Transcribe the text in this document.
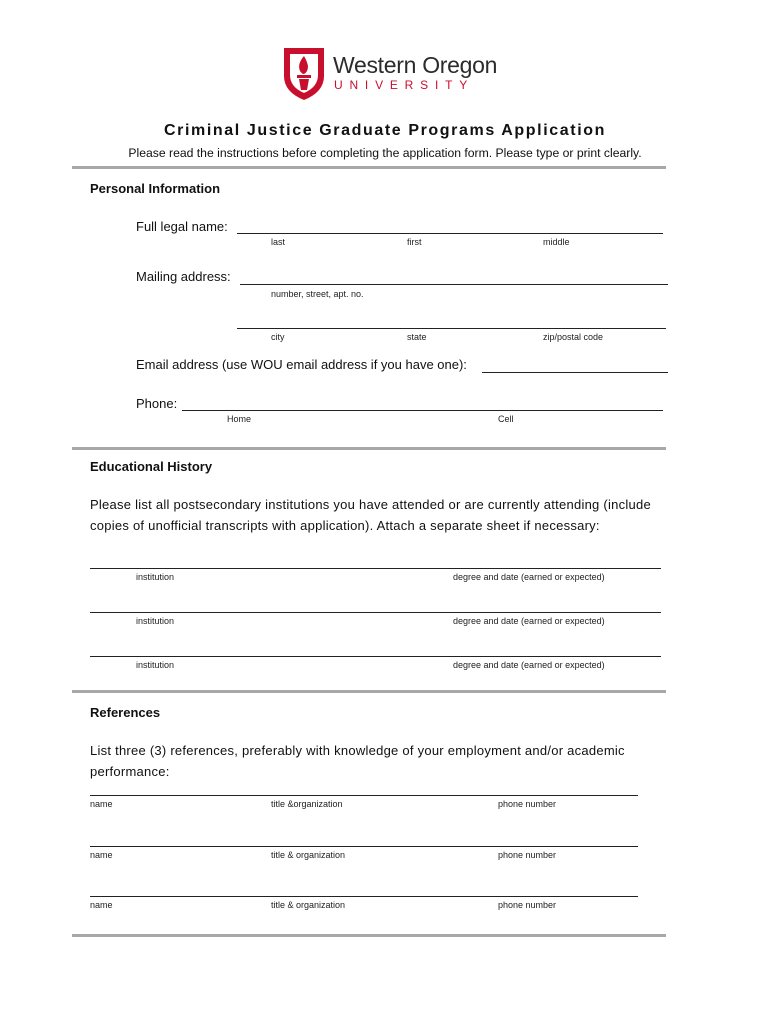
Western Oregon
UNIVERSITY
Criminal Justice Graduate Programs Application
Please read the instructions before completing the application form. Please type or print clearly.
Personal Information
Full legal name:
last	first	middle
Mailing address:
number, street, apt. no.
city	state	zip/postal code
Email address (use WOU email address if you have one):
Phone:
Home	Cell
Educational History
Please list all postsecondary institutions you have attended or are currently attending (include copies of unofficial transcripts with application). Attach a separate sheet if necessary:
institution	degree and date (earned or expected)
institution	degree and date (earned or expected)
institution	degree and date (earned or expected)
References
List three (3) references, preferably with knowledge of your employment and/or academic performance:
name	title &organization	phone number
name	title & organization	phone number
name	title & organization	phone number
